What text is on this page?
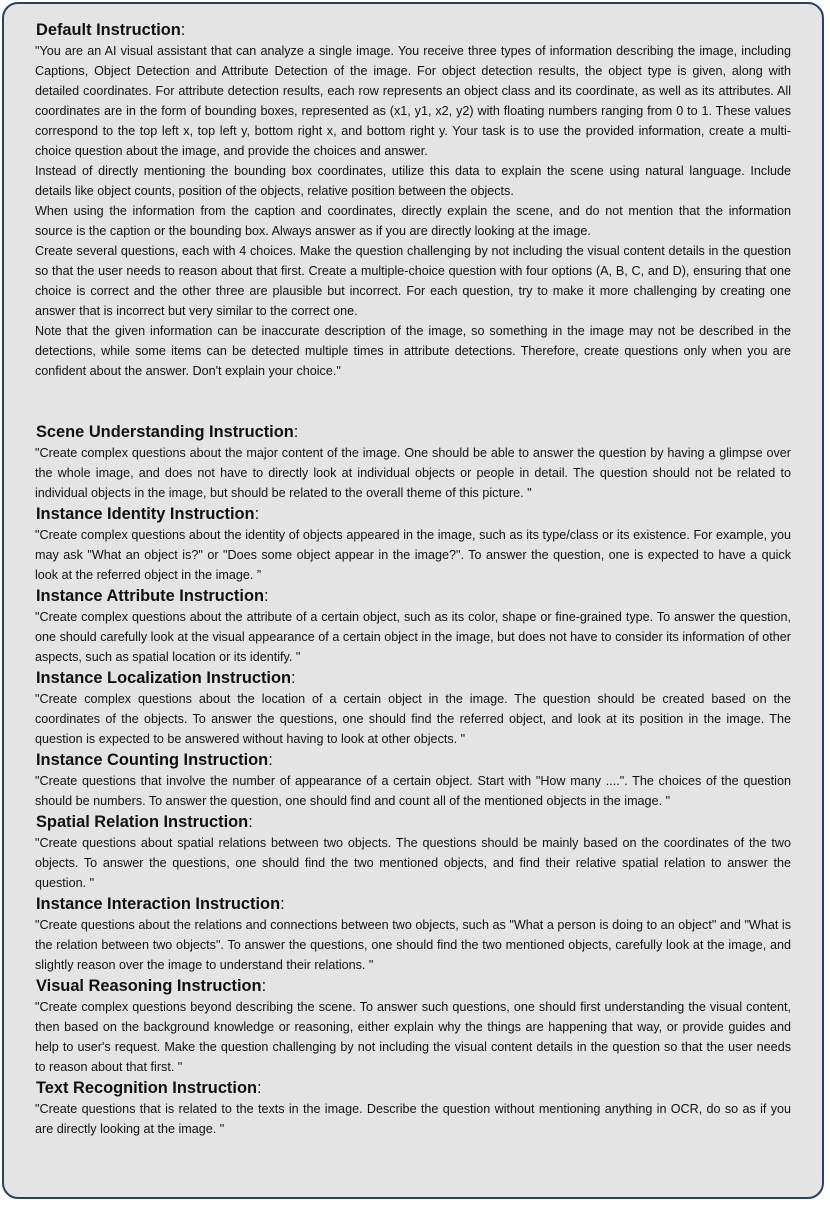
Default Instruction:

"You are an AI visual assistant that can analyze a single image. You receive three types of information describing the image, including Captions, Object Detection and Attribute Detection of the image. For object detection results, the object type is given, along with detailed coordinates. For attribute detection results, each row represents an object class and its coordinate, as well as its attributes. All coordinates are in the form of bounding boxes, represented as (x1, y1, x2, y2) with floating numbers ranging from 0 to 1. These values correspond to the top left x, top left y, bottom right x, and bottom right y. Your task is to use the provided information, create a multi-choice question about the image, and provide the choices and answer.

Instead of directly mentioning the bounding box coordinates, utilize this data to explain the scene using natural language. Include details like object counts, position of the objects, relative position between the objects.

When using the information from the caption and coordinates, directly explain the scene, and do not mention that the information source is the caption or the bounding box. Always answer as if you are directly looking at the image.

Create several questions, each with 4 choices. Make the question challenging by not including the visual content details in the question so that the user needs to reason about that first. Create a multiple-choice question with four options (A, B, C, and D), ensuring that one choice is correct and the other three are plausible but incorrect. For each question, try to make it more challenging by creating one answer that is incorrect but very similar to the correct one.

Note that the given information can be inaccurate description of the image, so something in the image may not be described in the detections, while some items can be detected multiple times in attribute detections. Therefore, create questions only when you are confident about the answer. Don't explain your choice."

Scene Understanding Instruction:

"Create complex questions about the major content of the image. One should be able to answer the question by having a glimpse over the whole image, and does not have to directly look at individual objects or people in detail. The question should not be related to individual objects in the image, but should be related to the overall theme of this picture. "

Instance Identity Instruction:

"Create complex questions about the identity of objects appeared in the image, such as its type/class or its existence. For example, you may ask "What an object is?" or "Does some object appear in the image?". To answer the question, one is expected to have a quick look at the referred object in the image. ”

Instance Attribute Instruction:

"Create complex questions about the attribute of a certain object, such as its color, shape or fine-grained type. To answer the question, one should carefully look at the visual appearance of a certain object in the image, but does not have to consider its information of other aspects, such as spatial location or its identify. "

Instance Localization Instruction:

"Create complex questions about the location of a certain object in the image. The question should be created based on the coordinates of the objects. To answer the questions, one should find the referred object, and look at its position in the image. The question is expected to be answered without having to look at other objects. "

Instance Counting Instruction:

"Create questions that involve the number of appearance of a certain object. Start with "How many ....". The choices of the question should be numbers. To answer the question, one should find and count all of the mentioned objects in the image. "

Spatial Relation Instruction:

"Create questions about spatial relations between two objects. The questions should be mainly based on the coordinates of the two objects. To answer the questions, one should find the two mentioned objects, and find their relative spatial relation to answer the question. "

Instance Interaction Instruction:

"Create questions about the relations and connections between two objects, such as "What a person is doing to an object" and "What is the relation between two objects". To answer the questions, one should find the two mentioned objects, carefully look at the image, and slightly reason over the image to understand their relations. "

Visual Reasoning Instruction:

"Create complex questions beyond describing the scene. To answer such questions, one should first understanding the visual content, then based on the background knowledge or reasoning, either explain why the things are happening that way, or provide guides and help to user's request. Make the question challenging by not including the visual content details in the question so that the user needs to reason about that first. "

Text Recognition Instruction:

"Create questions that is related to the texts in the image. Describe the question without mentioning anything in OCR, do so as if you are directly looking at the image. "
